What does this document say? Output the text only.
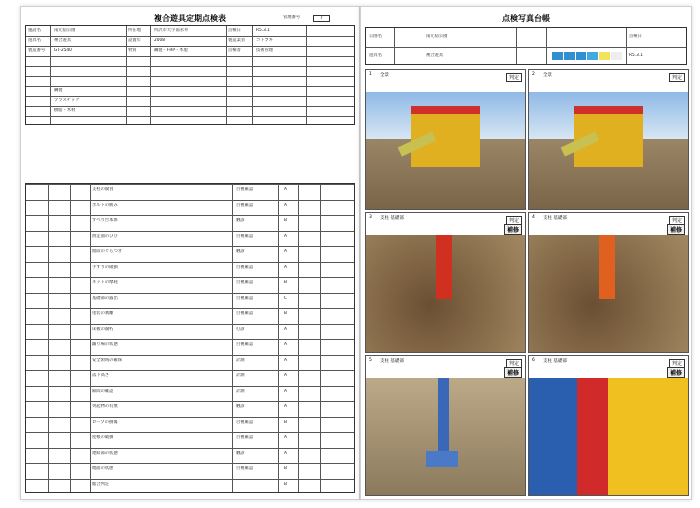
複合遊具定期点検表	管理番号	7
施設名	南元宿公園	所在地	所沢市大字南永井	点検日	R5.3.1
遊具名	複合遊具	設置年	2008	製造業者	コトブキ
製造番号 GT-2540	材質	鋼製・FRP・木製	点検者	技術管理
鋼製
プラスチック
樹脂・木材
支柱の腐食	目視確認	A
ボルトの緩み	目視確認	A
すべり台本体	触診	B
滑走面のひび	目視確認	A
階段のぐらつき	触診	A
手すりの破損	目視確認	A
ネットの摩耗	目視確認	B
基礎部の露出	目視確認	C
塗装の剥離	目視確認	B
床板の腐朽	打診	A
踊り場の状態	目視確認	A
安全領域の確保	計測	A
落下高さ	計測	A
隙間の確認	計測	A
突起物の有無	触診	A
ロープの損傷	目視確認	B
屋根の破損	目視確認	A
連結部の状態	触診	A
地面の状態	目視確認	B
総合判定	B
点検写真台帳
公園名	南元宿公園
遊具名	複合遊具
点検日
R5.3.1
1 全景	判定
2 全景	判定
3 支柱 基礎部	判定
補修
4 支柱 基礎部	判定
補修
5 支柱 基礎部	判定
補修
6 支柱 基礎部	判定
補修
